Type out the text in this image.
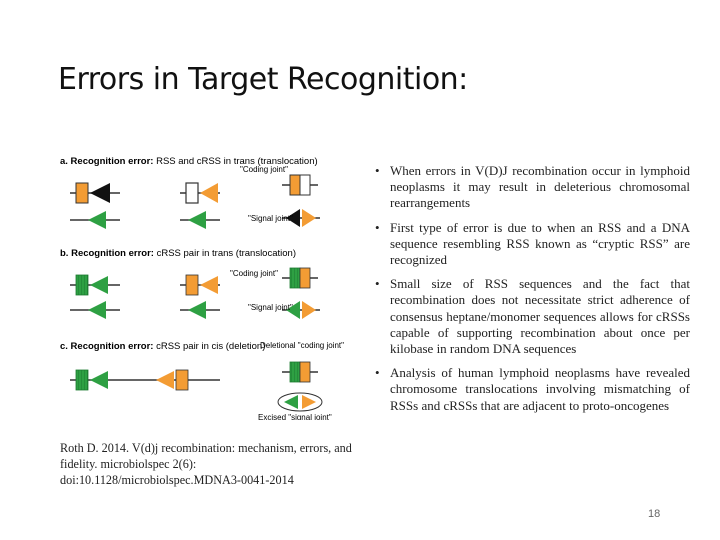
Errors in Target Recognition:
a. Recognition error: RSS and cRSS in trans (translocation)
"Coding joint"
"Signal joint"
b. Recognition error: cRSS pair in trans (translocation)
"Coding joint"
"Signal joint"
c. Recognition error: cRSS pair in cis (deletion)
Deletional "coding joint"
Excised "signal joint"
• When errors in V(D)J recombination occur in lymphoid neoplasms it may result in deleterious chromosomal rearrangements
• First type of error is due to when an RSS and a DNA sequence resembling RSS known as “cryptic RSS” are recognized
• Small size of RSS sequences and the fact that recombination does not necessitate strict adherence of consensus heptane/monomer sequences allows for cRSSs capable of supporting recombination about once per kilobase in random DNA sequences
• Analysis of human lymphoid neoplasms have revealed chromosome translocations involving mismatching of RSSs and cRSSs that are adjacent to proto-oncogenes
Roth D. 2014. V(d)j recombination: mechanism, errors, and fidelity. microbiolspec 2(6): doi:10.1128/microbiolspec.MDNA3-0041-2014
18
